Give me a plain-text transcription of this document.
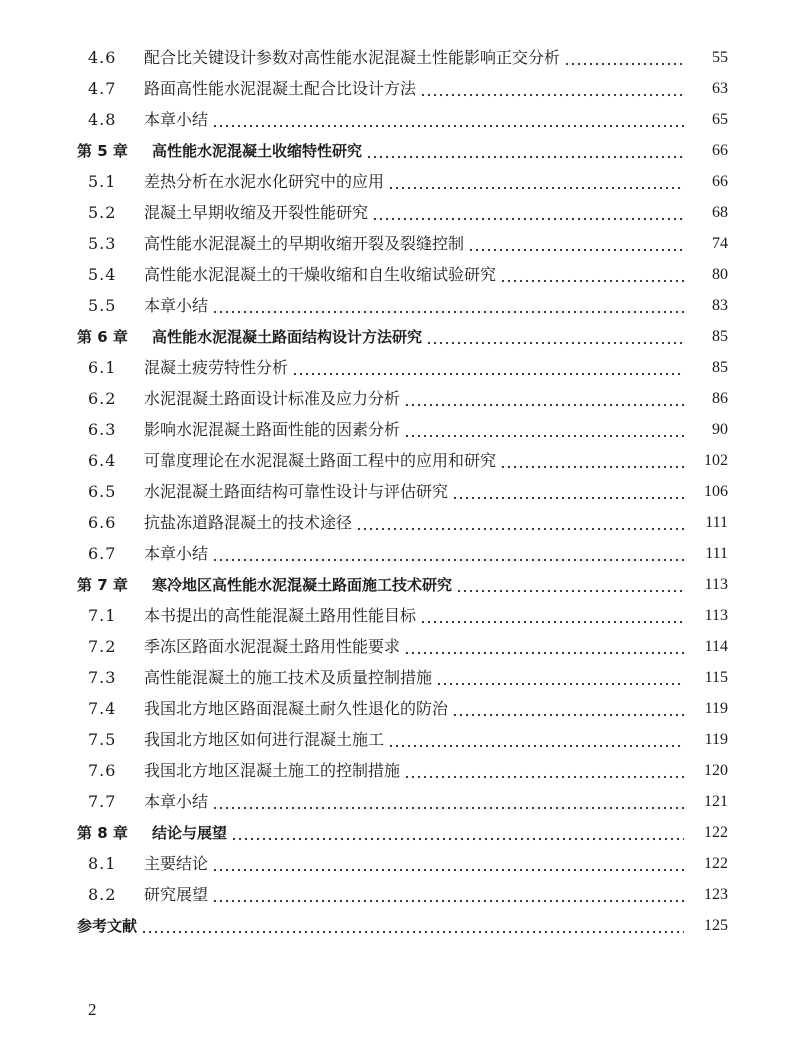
4.6	配合比关键设计参数对高性能水泥混凝土性能影响正交分析	55
4.7	路面高性能水泥混凝土配合比设计方法	63
4.8	本章小结	65
第 5 章 高性能水泥混凝土收缩特性研究	66
5.1	差热分析在水泥水化研究中的应用	66
5.2	混凝土早期收缩及开裂性能研究	68
5.3	高性能水泥混凝土的早期收缩开裂及裂缝控制	74
5.4	高性能水泥混凝土的干燥收缩和自生收缩试验研究	80
5.5	本章小结	83
第 6 章 高性能水泥混凝土路面结构设计方法研究	85
6.1	混凝土疲劳特性分析	85
6.2	水泥混凝土路面设计标准及应力分析	86
6.3	影响水泥混凝土路面性能的因素分析	90
6.4	可靠度理论在水泥混凝土路面工程中的应用和研究	102
6.5	水泥混凝土路面结构可靠性设计与评估研究	106
6.6	抗盐冻道路混凝土的技术途径	111
6.7	本章小结	111
第 7 章 寒冷地区高性能水泥混凝土路面施工技术研究	113
7.1	本书提出的高性能混凝土路用性能目标	113
7.2	季冻区路面水泥混凝土路用性能要求	114
7.3	高性能混凝土的施工技术及质量控制措施	115
7.4	我国北方地区路面混凝土耐久性退化的防治	119
7.5	我国北方地区如何进行混凝土施工	119
7.6	我国北方地区混凝土施工的控制措施	120
7.7	本章小结	121
第 8 章 结论与展望	122
8.1	主要结论	122
8.2	研究展望	123
参考文献	125
2
